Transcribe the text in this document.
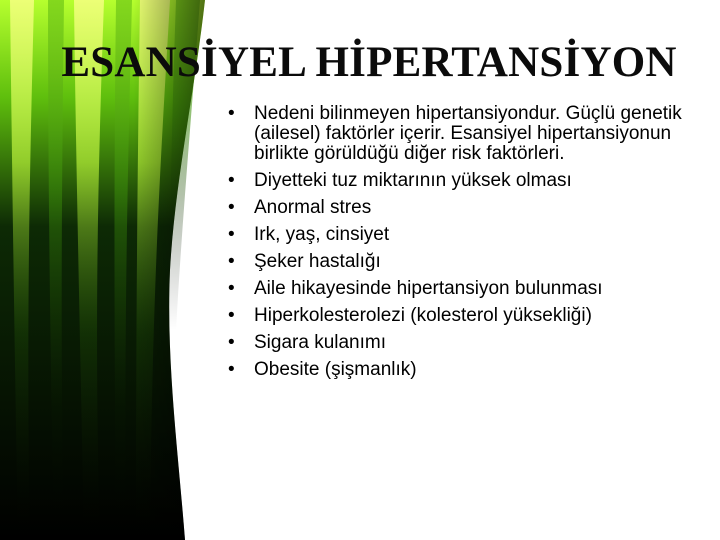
ESANSİYEL HİPERTANSİYON
• Nedeni bilinmeyen hipertansiyondur. Güçlü genetik (ailesel) faktörler içerir. Esansiyel hipertansiyonun birlikte görüldüğü diğer risk faktörleri.
• Diyetteki tuz miktarının yüksek olması
• Anormal stres
• Irk, yaş, cinsiyet
• Şeker hastalığı
• Aile hikayesinde hipertansiyon bulunması
• Hiperkolesterolezi (kolesterol yüksekliği)
• Sigara kulanımı
• Obesite (şişmanlık)
